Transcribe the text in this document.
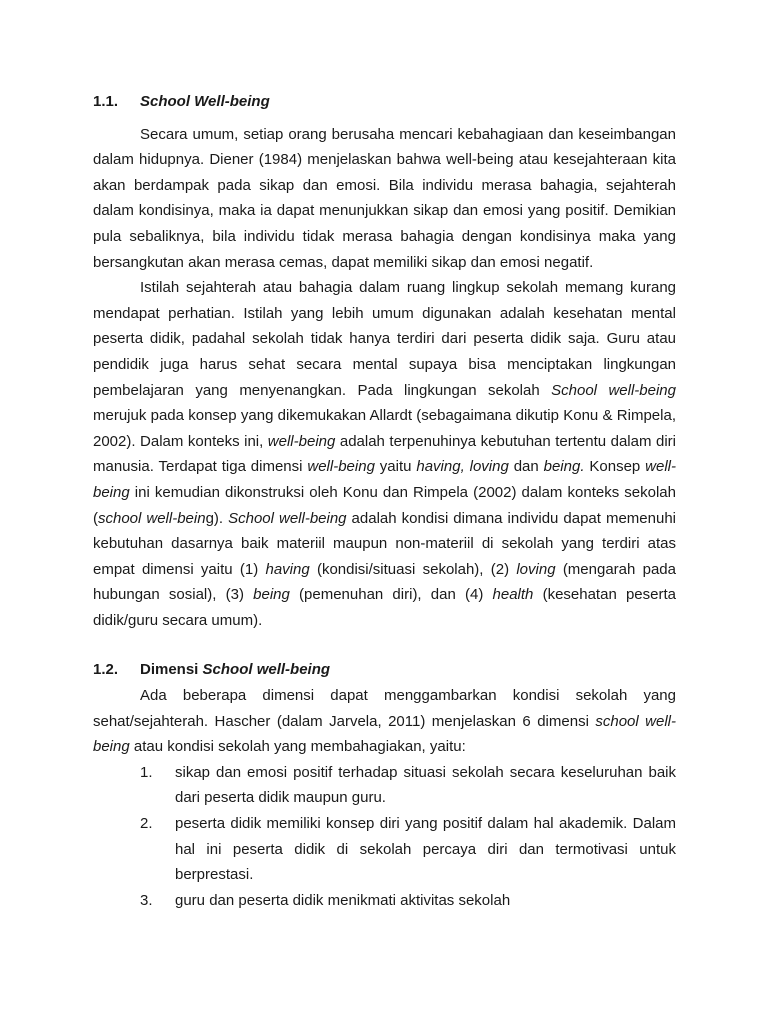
1.1.	School Well-being

Secara umum, setiap orang berusaha mencari kebahagiaan dan keseimbangan dalam hidupnya. Diener (1984) menjelaskan bahwa well-being atau kesejahteraan kita akan berdampak pada sikap dan emosi. Bila individu merasa bahagia, sejahterah dalam kondisinya, maka ia dapat menunjukkan sikap dan emosi yang positif. Demikian pula sebaliknya, bila individu tidak merasa bahagia dengan kondisinya maka yang bersangkutan akan merasa cemas, dapat memiliki sikap dan emosi negatif.

Istilah sejahterah atau bahagia dalam ruang lingkup sekolah memang kurang mendapat perhatian. Istilah yang lebih umum digunakan adalah kesehatan mental peserta didik, padahal sekolah tidak hanya terdiri dari peserta didik saja. Guru atau pendidik juga harus sehat secara mental supaya bisa menciptakan lingkungan pembelajaran yang menyenangkan. Pada lingkungan sekolah School well-being merujuk pada konsep yang dikemukakan Allardt (sebagaimana dikutip Konu & Rimpela, 2002). Dalam konteks ini, well-being adalah terpenuhinya kebutuhan tertentu dalam diri manusia. Terdapat tiga dimensi well-being yaitu having, loving dan being. Konsep well-being ini kemudian dikonstruksi oleh Konu dan Rimpela (2002) dalam konteks sekolah (school well-being). School well-being adalah kondisi dimana individu dapat memenuhi kebutuhan dasarnya baik materiil maupun non-materiil di sekolah yang terdiri atas empat dimensi yaitu (1) having (kondisi/situasi sekolah), (2) loving (mengarah pada hubungan sosial), (3) being (pemenuhan diri), dan (4) health (kesehatan peserta didik/guru secara umum).

1.2.	Dimensi School well-being

Ada beberapa dimensi dapat menggambarkan kondisi sekolah yang sehat/sejahterah. Hascher (dalam Jarvela, 2011) menjelaskan 6 dimensi school well-being atau kondisi sekolah yang membahagiakan, yaitu:

1.	sikap dan emosi positif terhadap situasi sekolah secara keseluruhan baik dari peserta didik maupun guru.
2.	peserta didik memiliki konsep diri yang positif dalam hal akademik. Dalam hal ini peserta didik di sekolah percaya diri dan termotivasi untuk berprestasi.
3.	guru dan peserta didik menikmati aktivitas sekolah
